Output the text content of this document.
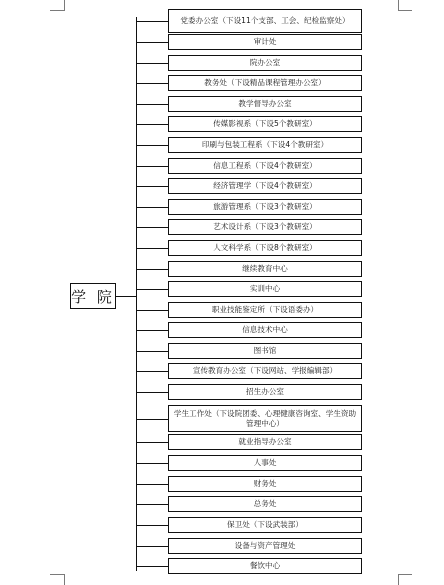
学 院
党委办公室（下设11个支部、工会、纪检监察处）
审计处
院办公室
教务处（下设精品课程管理办公室）
教学督导办公室
传媒影视系（下设5个教研室）
印刷与包装工程系（下设4个教研室）
信息工程系（下设4个教研室）
经济管理学（下设4个教研室）
旅游管理系（下设3个教研室）
艺术设计系（下设3个教研室）
人文科学系（下设8个教研室）
继续教育中心
实训中心
职业技能鉴定所（下设语委办）
信息技术中心
图书馆
宣传教育办公室（下设网站、学报编辑部）
招生办公室
学生工作处（下设院团委、心理健康咨询室、学生资助管理中心）
就业指导办公室
人事处
财务处
总务处
保卫处（下设武装部）
设备与资产管理处
餐饮中心
